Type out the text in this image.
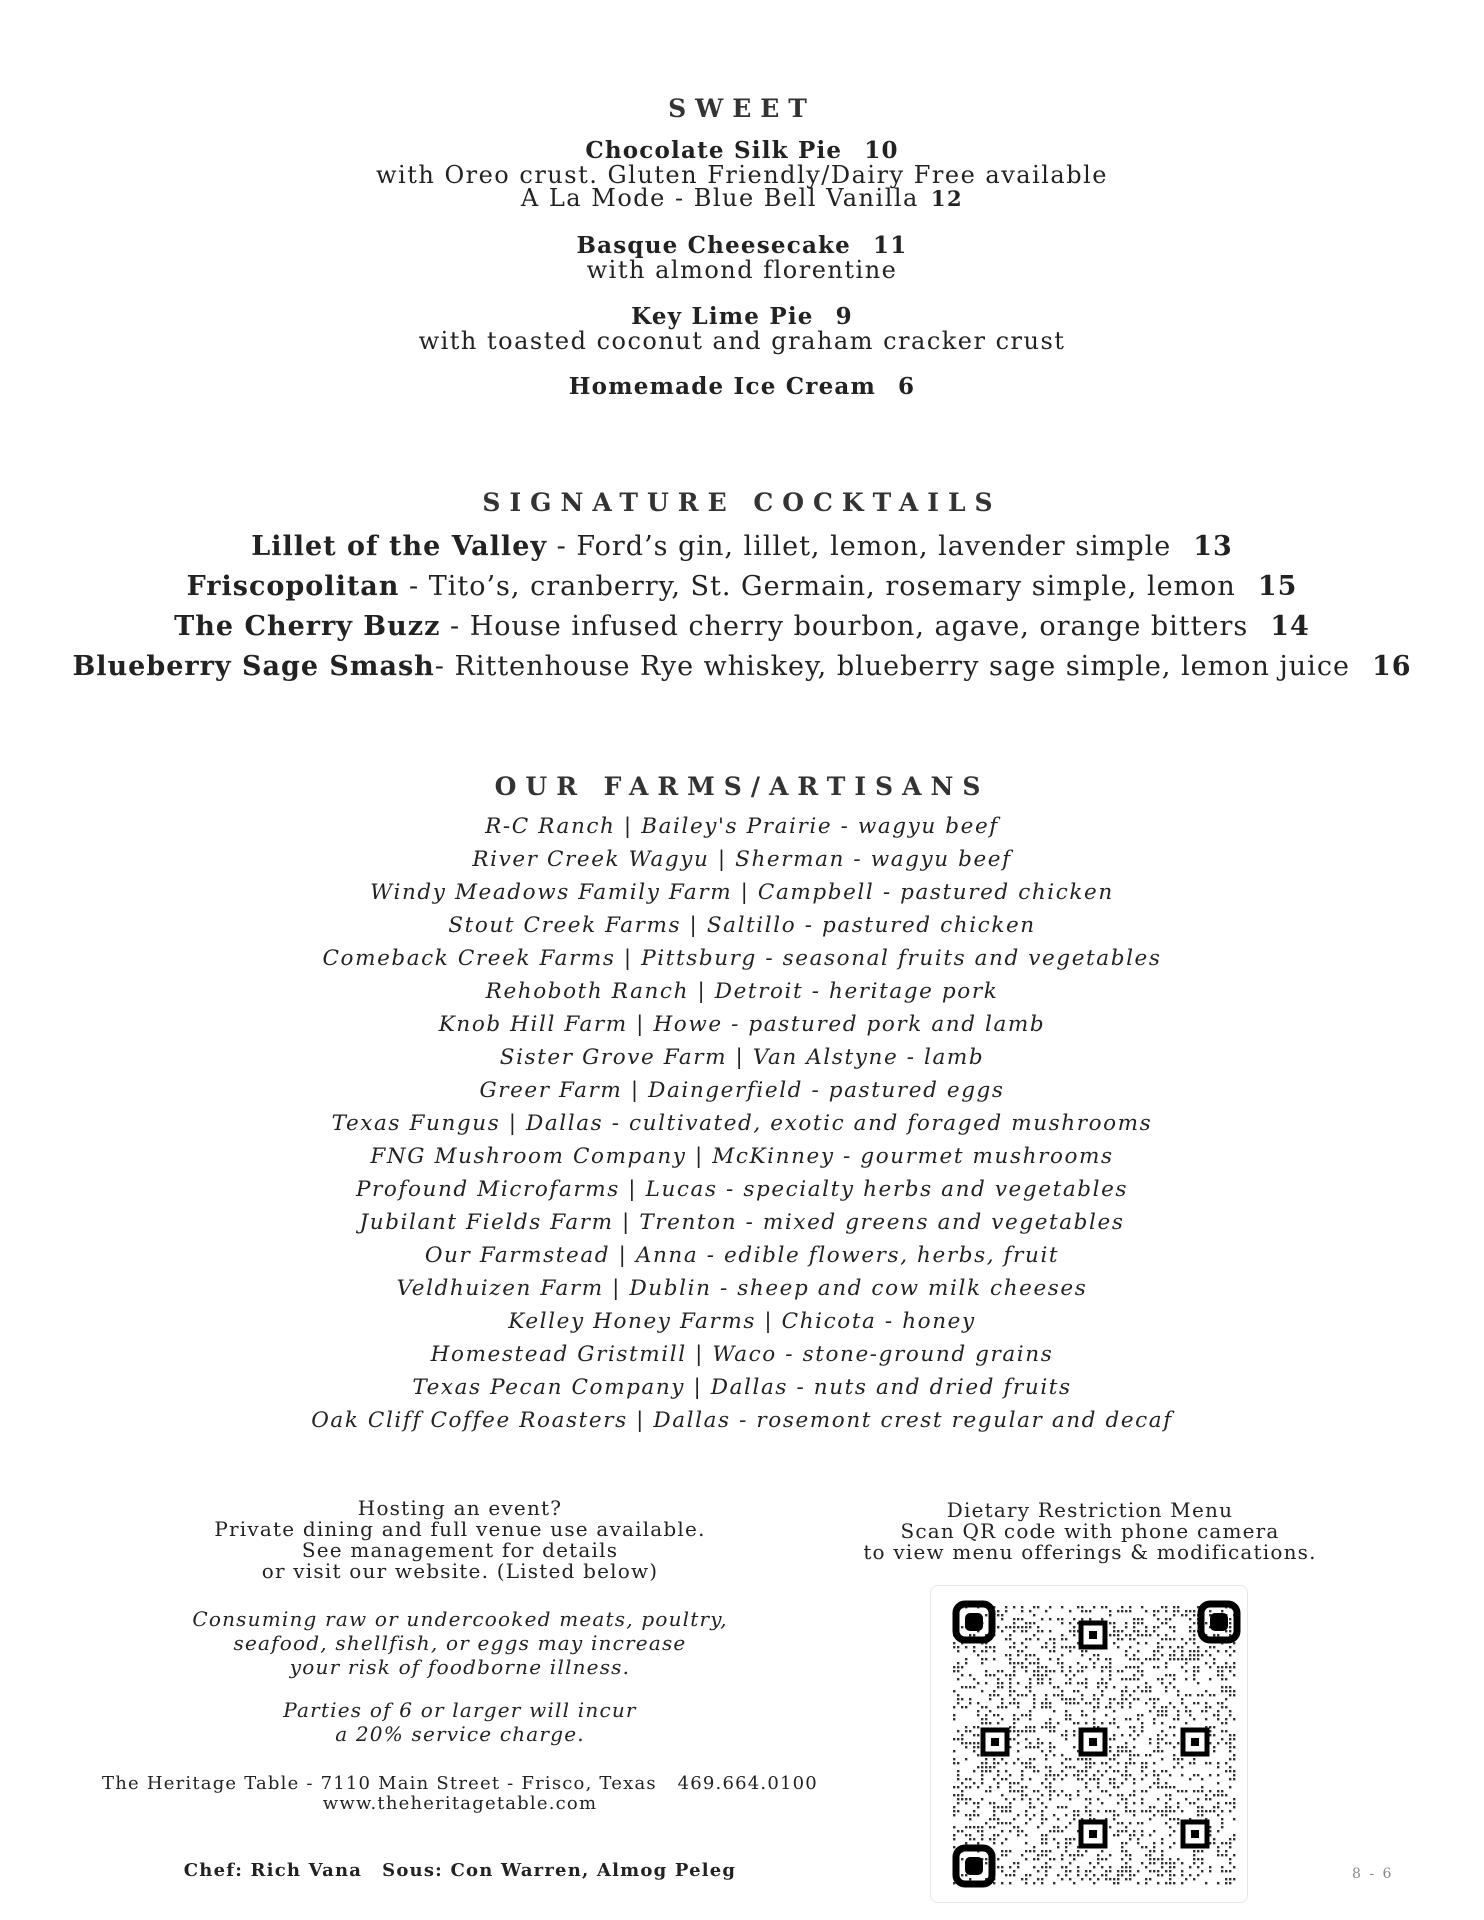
SWEET
Chocolate Silk Pie 10
with Oreo crust. Gluten Friendly/Dairy Free available
A La Mode - Blue Bell Vanilla 12
Basque Cheesecake 11
with almond florentine
Key Lime Pie 9
with toasted coconut and graham cracker crust
Homemade Ice Cream 6
SIGNATURE COCKTAILS
Lillet of the Valley - Ford’s gin, lillet, lemon, lavender simple 13
Friscopolitan - Tito’s, cranberry, St. Germain, rosemary simple, lemon 15
The Cherry Buzz - House infused cherry bourbon, agave, orange bitters 14
Blueberry Sage Smash- Rittenhouse Rye whiskey, blueberry sage simple, lemon juice 16
OUR FARMS/ARTISANS
R-C Ranch | Bailey's Prairie - wagyu beef
River Creek Wagyu | Sherman - wagyu beef
Windy Meadows Family Farm | Campbell - pastured chicken
Stout Creek Farms | Saltillo - pastured chicken
Comeback Creek Farms | Pittsburg - seasonal fruits and vegetables
Rehoboth Ranch | Detroit - heritage pork
Knob Hill Farm | Howe - pastured pork and lamb
Sister Grove Farm | Van Alstyne - lamb
Greer Farm | Daingerfield - pastured eggs
Texas Fungus | Dallas - cultivated, exotic and foraged mushrooms
FNG Mushroom Company | McKinney - gourmet mushrooms
Profound Microfarms | Lucas - specialty herbs and vegetables
Jubilant Fields Farm | Trenton - mixed greens and vegetables
Our Farmstead | Anna - edible flowers, herbs, fruit
Veldhuizen Farm | Dublin - sheep and cow milk cheeses
Kelley Honey Farms | Chicota - honey
Homestead Gristmill | Waco - stone-ground grains
Texas Pecan Company | Dallas - nuts and dried fruits
Oak Cliff Coffee Roasters | Dallas - rosemont crest regular and decaf
Hosting an event?
Private dining and full venue use available.
See management for details
or visit our website. (Listed below)
Consuming raw or undercooked meats, poultry,
seafood, shellfish, or eggs may increase
your risk of foodborne illness.
Parties of 6 or larger will incur
a 20% service charge.
The Heritage Table - 7110 Main Street - Frisco, Texas   469.664.0100
www.theheritagetable.com
Chef: Rich Vana Sous: Con Warren, Almog Peleg
Dietary Restriction Menu
Scan QR code with phone camera
to view menu offerings & modifications.
8 - 6
